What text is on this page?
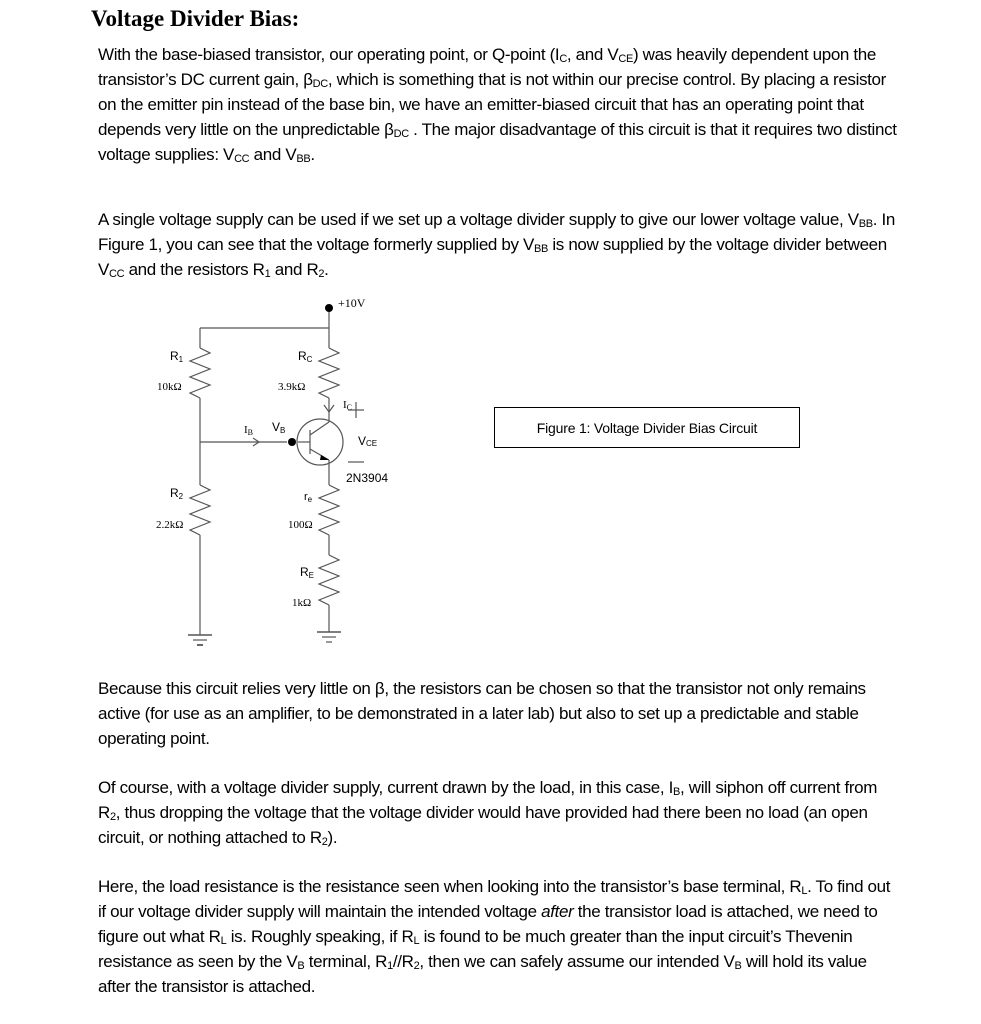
Voltage Divider Bias:

With the base-biased transistor, our operating point, or Q-point ($I_C$, and $V_{CE}$) was heavily dependent upon the transistor’s DC current gain, $\beta_{DC}$, which is something that is not within our precise control. By placing a resistor on the emitter pin instead of the base bin, we have an emitter-biased circuit that has an operating point that depends very little on the unpredictable $\beta_{DC}$ . The major disadvantage of this circuit is that it requires two distinct voltage supplies: $V_{CC}$ and $V_{BB}$.

A single voltage supply can be used if we set up a voltage divider supply to give our lower voltage value, $V_{BB}$. In Figure 1, you can see that the voltage formerly supplied by $V_{BB}$ is now supplied by the voltage divider between $V_{CC}$ and the resistors $R_1$ and $R_2$.

+10V
R1
10kΩ
R2
2.2kΩ
RC
3.9kΩ
IB VB
IC
VCE
2N3904
re
100Ω
RE
1kΩ
Figure 1: Voltage Divider Bias Circuit

Because this circuit relies very little on β, the resistors can be chosen so that the transistor not only remains active (for use as an amplifier, to be demonstrated in a later lab) but also to set up a predictable and stable operating point.

Of course, with a voltage divider supply, current drawn by the load, in this case, $I_B$, will siphon off current from $R_2$, thus dropping the voltage that the voltage divider would have provided had there been no load (an open circuit, or nothing attached to $R_2$).

Here, the load resistance is the resistance seen when looking into the transistor’s base terminal, $R_L$. To find out if our voltage divider supply will maintain the intended voltage after the transistor load is attached, we need to figure out what $R_L$ is. Roughly speaking, if $R_L$ is found to be much greater than the input circuit’s Thevenin resistance as seen by the $V_B$ terminal, $R_1//R_2$, then we can safely assume our intended $V_B$ will hold its value after the transistor is attached.
